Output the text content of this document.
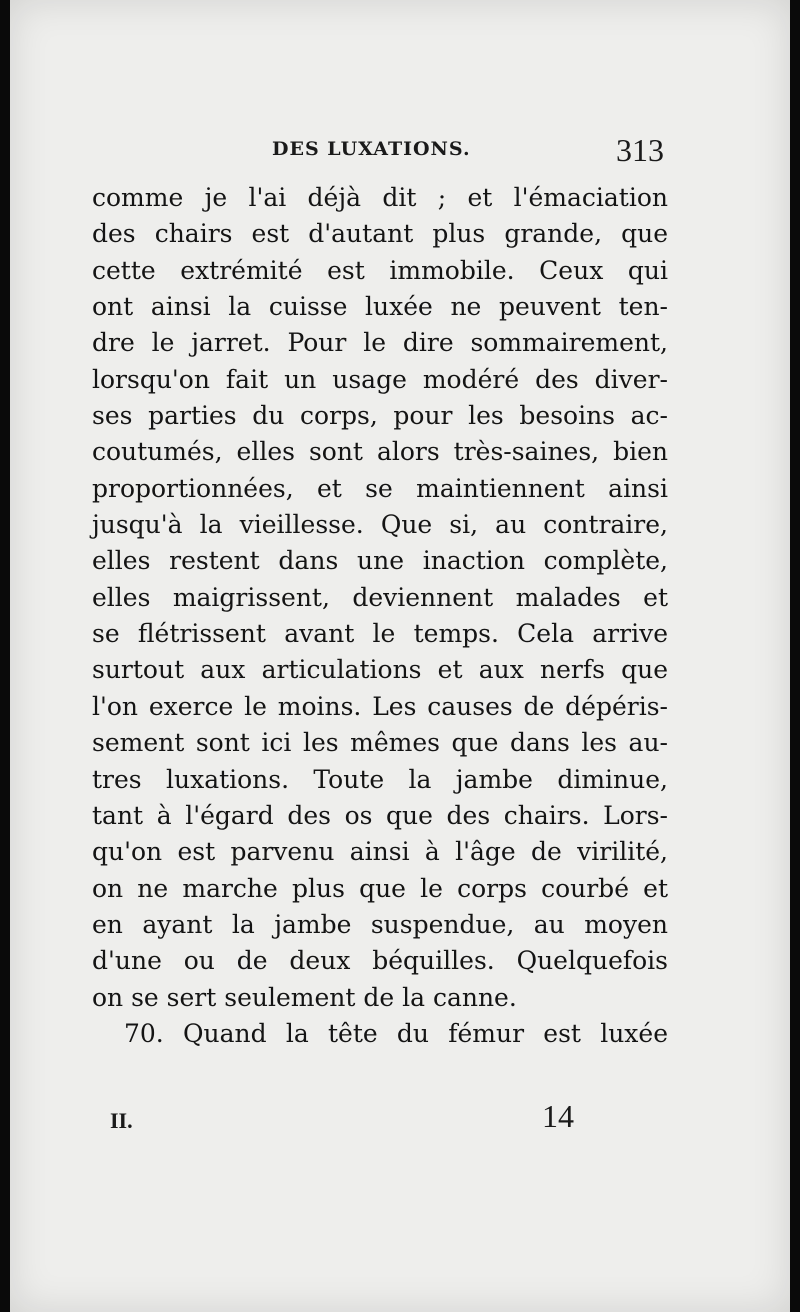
DES LUXATIONS.	313
comme je l'ai déjà dit ; et l'émaciation
des chairs est d'autant plus grande, que
cette extrémité est immobile. Ceux qui
ont ainsi la cuisse luxée ne peuvent ten-
dre le jarret. Pour le dire sommairement,
lorsqu'on fait un usage modéré des diver-
ses parties du corps, pour les besoins ac-
coutumés, elles sont alors très-saines, bien
proportionnées, et se maintiennent ainsi
jusqu'à la vieillesse. Que si, au contraire,
elles restent dans une inaction complète,
elles maigrissent, deviennent malades et
se flétrissent avant le temps. Cela arrive
surtout aux articulations et aux nerfs que
l'on exerce le moins. Les causes de dépéris-
sement sont ici les mêmes que dans les au-
tres luxations. Toute la jambe diminue,
tant à l'égard des os que des chairs. Lors-
qu'on est parvenu ainsi à l'âge de virilité,
on ne marche plus que le corps courbé et
en ayant la jambe suspendue, au moyen
d'une ou de deux béquilles. Quelquefois
on se sert seulement de la canne.
70. Quand la tête du fémur est luxée
II.	14
